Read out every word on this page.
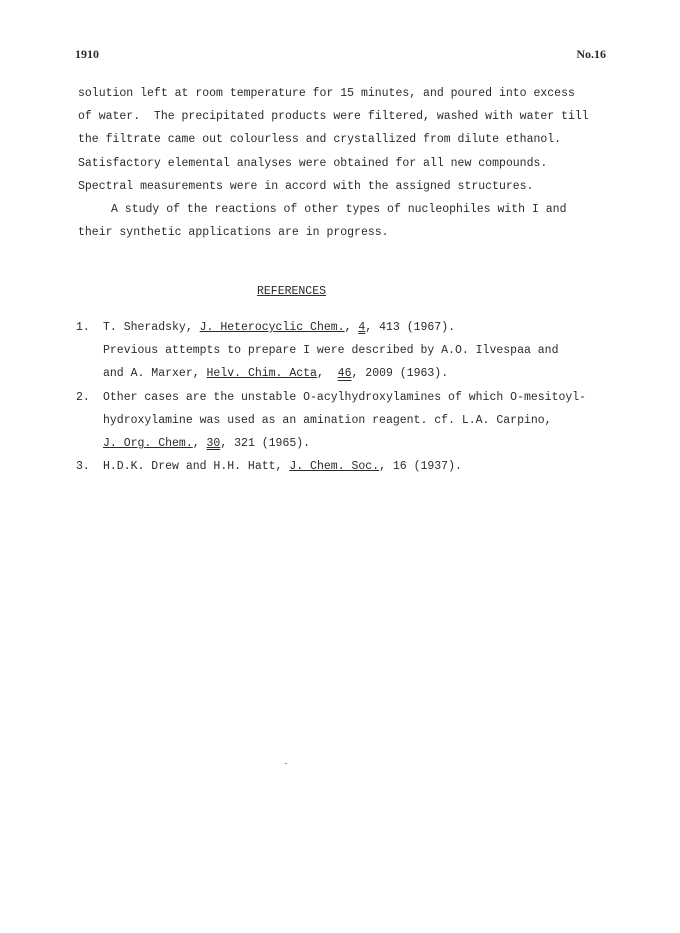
1910	No.16
solution left at room temperature for 15 minutes, and poured into excess
of water.  The precipitated products were filtered, washed with water till
the filtrate came out colourless and crystallized from dilute ethanol.
Satisfactory elemental analyses were obtained for all new compounds.
Spectral measurements were in accord with the assigned structures.
A study of the reactions of other types of nucleophiles with I and
their synthetic applications are in progress.
REFERENCES
1. T. Sheradsky, J. Heterocyclic Chem., 4, 413 (1967).
Previous attempts to prepare I were described by A.O. Ilvespaa and
and A. Marxer, Helv. Chim. Acta,  46, 2009 (1963).
2. Other cases are the unstable O-acylhydroxylamines of which O-mesitoyl-
hydroxylamine was used as an amination reagent. cf. L.A. Carpino,
J. Org. Chem., 30, 321 (1965).
3. H.D.K. Drew and H.H. Hatt, J. Chem. Soc., 16 (1937).
